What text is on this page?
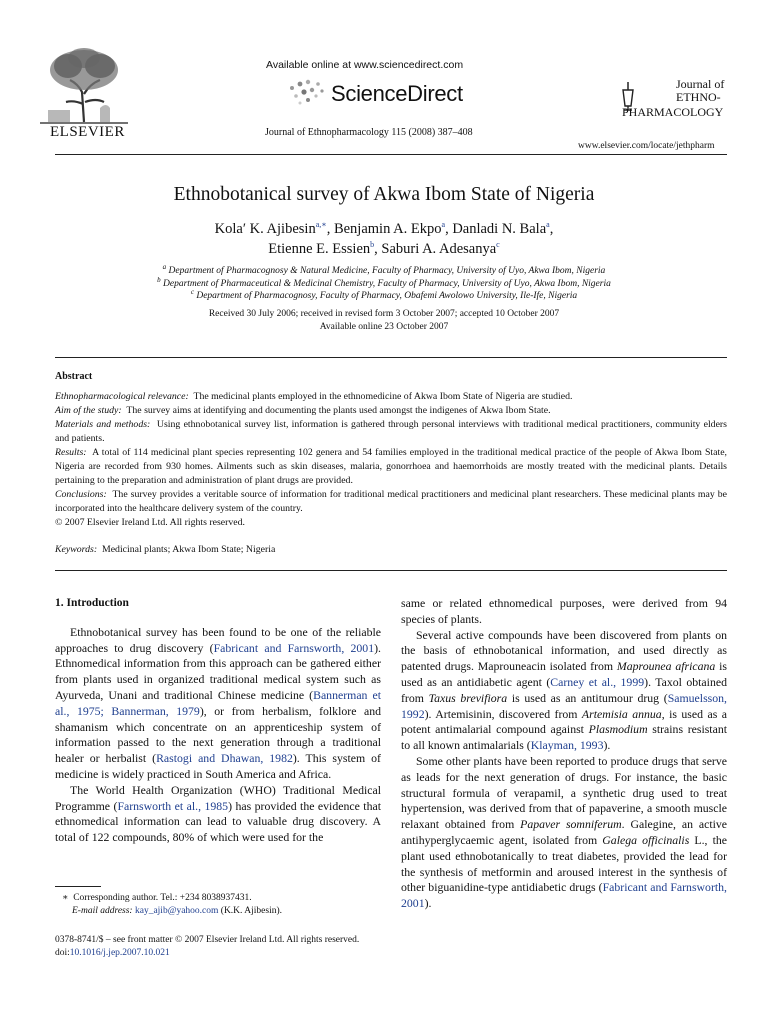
ELSEVIER
Available online at www.sciencedirect.com
ScienceDirect
Journal of Ethnopharmacology 115 (2008) 387–408
Journal of
ETHNO-
PHARMACOLOGY
www.elsevier.com/locate/jethpharm
Ethnobotanical survey of Akwa Ibom State of Nigeria
Kola′ K. Ajibesin$^{a,∗}$, Benjamin A. Ekpo$^a$, Danladi N. Bala$^a$,
Etienne E. Essien$^b$, Saburi A. Adesanya$^c$
$^a$ Department of Pharmacognosy & Natural Medicine, Faculty of Pharmacy, University of Uyo, Akwa Ibom, Nigeria
$^b$ Department of Pharmaceutical & Medicinal Chemistry, Faculty of Pharmacy, University of Uyo, Akwa Ibom, Nigeria
$^c$ Department of Pharmacognosy, Faculty of Pharmacy, Obafemi Awolowo University, Ile-Ife, Nigeria
Received 30 July 2006; received in revised form 3 October 2007; accepted 10 October 2007
Available online 23 October 2007
Abstract

Ethnopharmacological relevance: The medicinal plants employed in the ethnomedicine of Akwa Ibom State of Nigeria are studied.

Aim of the study: The survey aims at identifying and documenting the plants used amongst the indigenes of Akwa Ibom State.

Materials and methods: Using ethnobotanical survey list, information is gathered through personal interviews with traditional medical practitioners, community elders and patients.

Results: A total of 114 medicinal plant species representing 102 genera and 54 families employed in the traditional medical practice of the people of Akwa Ibom State, Nigeria are recorded from 930 homes. Ailments such as skin diseases, malaria, gonorrhoea and haemorrhoids are mostly treated with the medicinal plants. Details pertaining to the preparation and administration of plant drugs are provided.

Conclusions: The survey provides a veritable source of information for traditional medical practitioners and medicinal plant researchers. These medicinal plants may be incorporated into the healthcare delivery system of the country.

© 2007 Elsevier Ireland Ltd. All rights reserved.

Keywords: Medicinal plants; Akwa Ibom State; Nigeria
1. Introduction

Ethnobotanical survey has been found to be one of the reliable approaches to drug discovery (Fabricant and Farnsworth, 2001). Ethnomedical information from this approach can be gathered either from plants used in organized traditional medical system such as Ayurveda, Unani and traditional Chinese medicine (Bannerman et al., 1975; Bannerman, 1979), or from herbalism, folklore and shamanism which concentrate on an apprenticeship system of information passed to the next generation through a traditional healer or herbalist (Rastogi and Dhawan, 1982). This system of medicine is widely practiced in South America and Africa.

The World Health Organization (WHO) Traditional Medical Programme (Farnsworth et al., 1985) has provided the evidence that ethnomedical information can lead to valuable drug discovery. A total of 122 compounds, 80% of which were used for the

∗ Corresponding author. Tel.: +234 8038937431.
E-mail address: kay_ajib@yahoo.com (K.K. Ajibesin).
0378-8741/$ – see front matter © 2007 Elsevier Ireland Ltd. All rights reserved.
doi:10.1016/j.jep.2007.10.021

same or related ethnomedical purposes, were derived from 94 species of plants.

Several active compounds have been discovered from plants on the basis of ethnobotanical information, and used directly as patented drugs. Maprouneacin isolated from Maprounea africana is used as an antidiabetic agent (Carney et al., 1999). Taxol obtained from Taxus brevifiora is used as an antitumour drug (Samuelsson, 1992). Artemisinin, discovered from Artemisia annua, is used as a potent antimalarial compound against Plasmodium strains resistant to all known antimalarials (Klayman, 1993).

Some other plants have been reported to produce drugs that serve as leads for the next generation of drugs. For instance, the basic structural formula of verapamil, a synthetic drug used to treat hypertension, was derived from that of papaverine, a smooth muscle relaxant obtained from Papaver somniferum. Galegine, an active antihyperglycaemic agent, isolated from Galega officinalis L., the plant used ethnobotanically to treat diabetes, provided the lead for the synthesis of metformin and aroused interest in the synthesis of other biguanidine-type antidiabetic drugs (Fabricant and Farnsworth, 2001).
